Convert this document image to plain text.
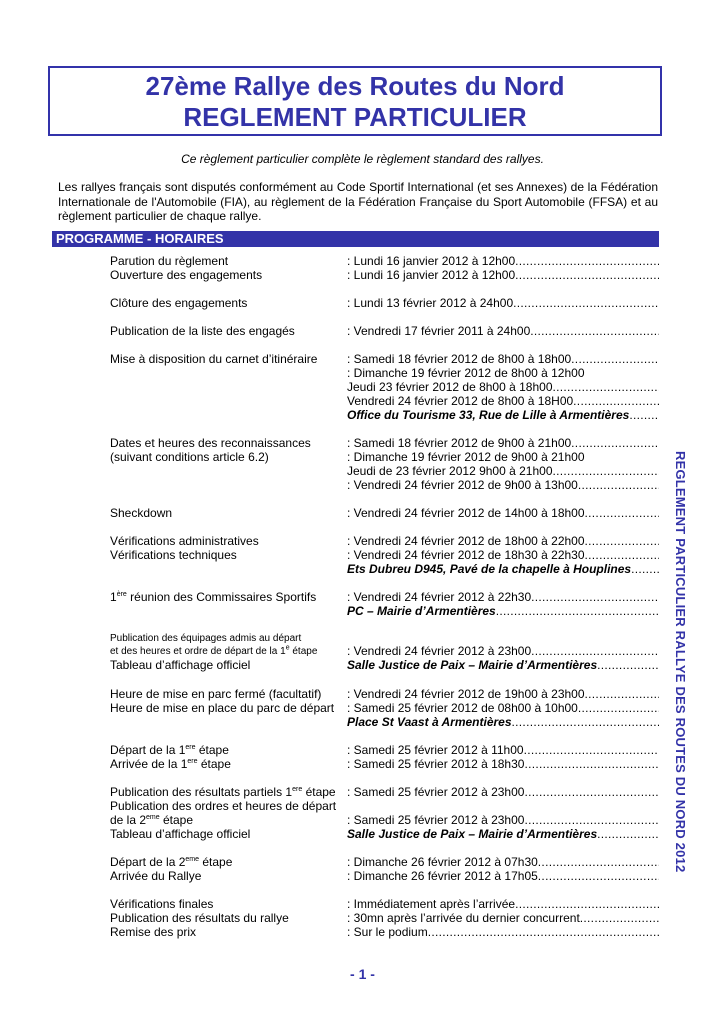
27ème Rallye des Routes du Nord
REGLEMENT PARTICULIER
Ce règlement particulier complète le règlement standard des rallyes.
Les rallyes français sont disputés conformément au Code Sportif International (et ses Annexes) de la Fédération Internationale de l'Automobile (FIA), au règlement de la Fédération Française du Sport Automobile (FFSA) et au règlement particulier de chaque rallye.
PROGRAMME - HORAIRES
Parution du règlement
Ouverture des engagements
Clôture des engagements
Publication de la liste des engagés
Mise à disposition du carnet d’itinéraire
Dates et heures des reconnaissances
(suivant conditions article 6.2)
Sheckdown
Vérifications administratives
Vérifications techniques
1ère réunion des Commissaires Sportifs
Publication des équipages admis au départ
et des heures et ordre de départ de la 1e étape
Tableau d’affichage officiel
Heure de mise en parc fermé (facultatif)
Heure de mise en place du parc de départ
Départ de la 1ere étape
Arrivée de la 1ere étape
Publication des résultats partiels 1ere étape
Publication des ordres et heures de départ
de la 2eme étape
Tableau d’affichage officiel
Départ de la 2eme étape
Arrivée du Rallye
Vérifications finales
Publication des résultats du rallye
Remise des prix
: Lundi 16 janvier 2012 à 12h00
.....
: Lundi 16 janvier 2012 à 12h00
.....
: Lundi 13 février 2012 à 24h00
.....
: Vendredi 17 février 2011 à 24h00
.....
: Samedi 18 février 2012 de 8h00 à 18h00
.....
: Dimanche 19 février 2012 de 8h00 à 12h00
Jeudi 23 février 2012 de 8h00 à 18h00
.....
Vendredi 24 février 2012 de 8h00 à 18H00
.....
Office du Tourisme 33, Rue de Lille à Armentières
.....
: Samedi 18 février 2012 de 9h00 à 21h00
.....
: Dimanche 19 février 2012 de 9h00 à 21h00
Jeudi de 23 février 2012 9h00 à 21h00
.....
: Vendredi 24 février 2012 de 9h00 à 13h00
.....
: Vendredi 24 février 2012 de 14h00 à 18h00
.....
: Vendredi 24 février 2012 de 18h00 à 22h00
.....
: Vendredi 24 février 2012 de 18h30 à 22h30
.....
Ets Dubreu D945, Pavé de la chapelle à Houplines
.....
: Vendredi 24 février 2012 à 22h30
.....
PC – Mairie d’Armentières
.....
: Vendredi 24 février 2012 à 23h00
.....
Salle Justice de Paix – Mairie d’Armentières
.....
: Vendredi 24 février 2012 de 19h00 à 23h00
.....
: Samedi 25 février 2012 de 08h00 à 10h00
.....
Place St Vaast à Armentières
.....
: Samedi 25 février 2012 à 11h00
.....
: Samedi 25 février 2012 à 18h30
.....
: Samedi 25 février 2012 à 23h00
.....
: Samedi 25 février 2012 à 23h00
.....
Salle Justice de Paix – Mairie d’Armentières
.....
: Dimanche 26 février 2012 à 07h30
.....
: Dimanche 26 février 2012 à 17h05
.....
: Immédiatement après l’arrivée
.....
: 30mn après l’arrivée du dernier concurrent
.....
: Sur le podium
.....
REGLEMENT PARTICULIER RALLYE DES ROUTES DU NORD 2012
- 1 -
